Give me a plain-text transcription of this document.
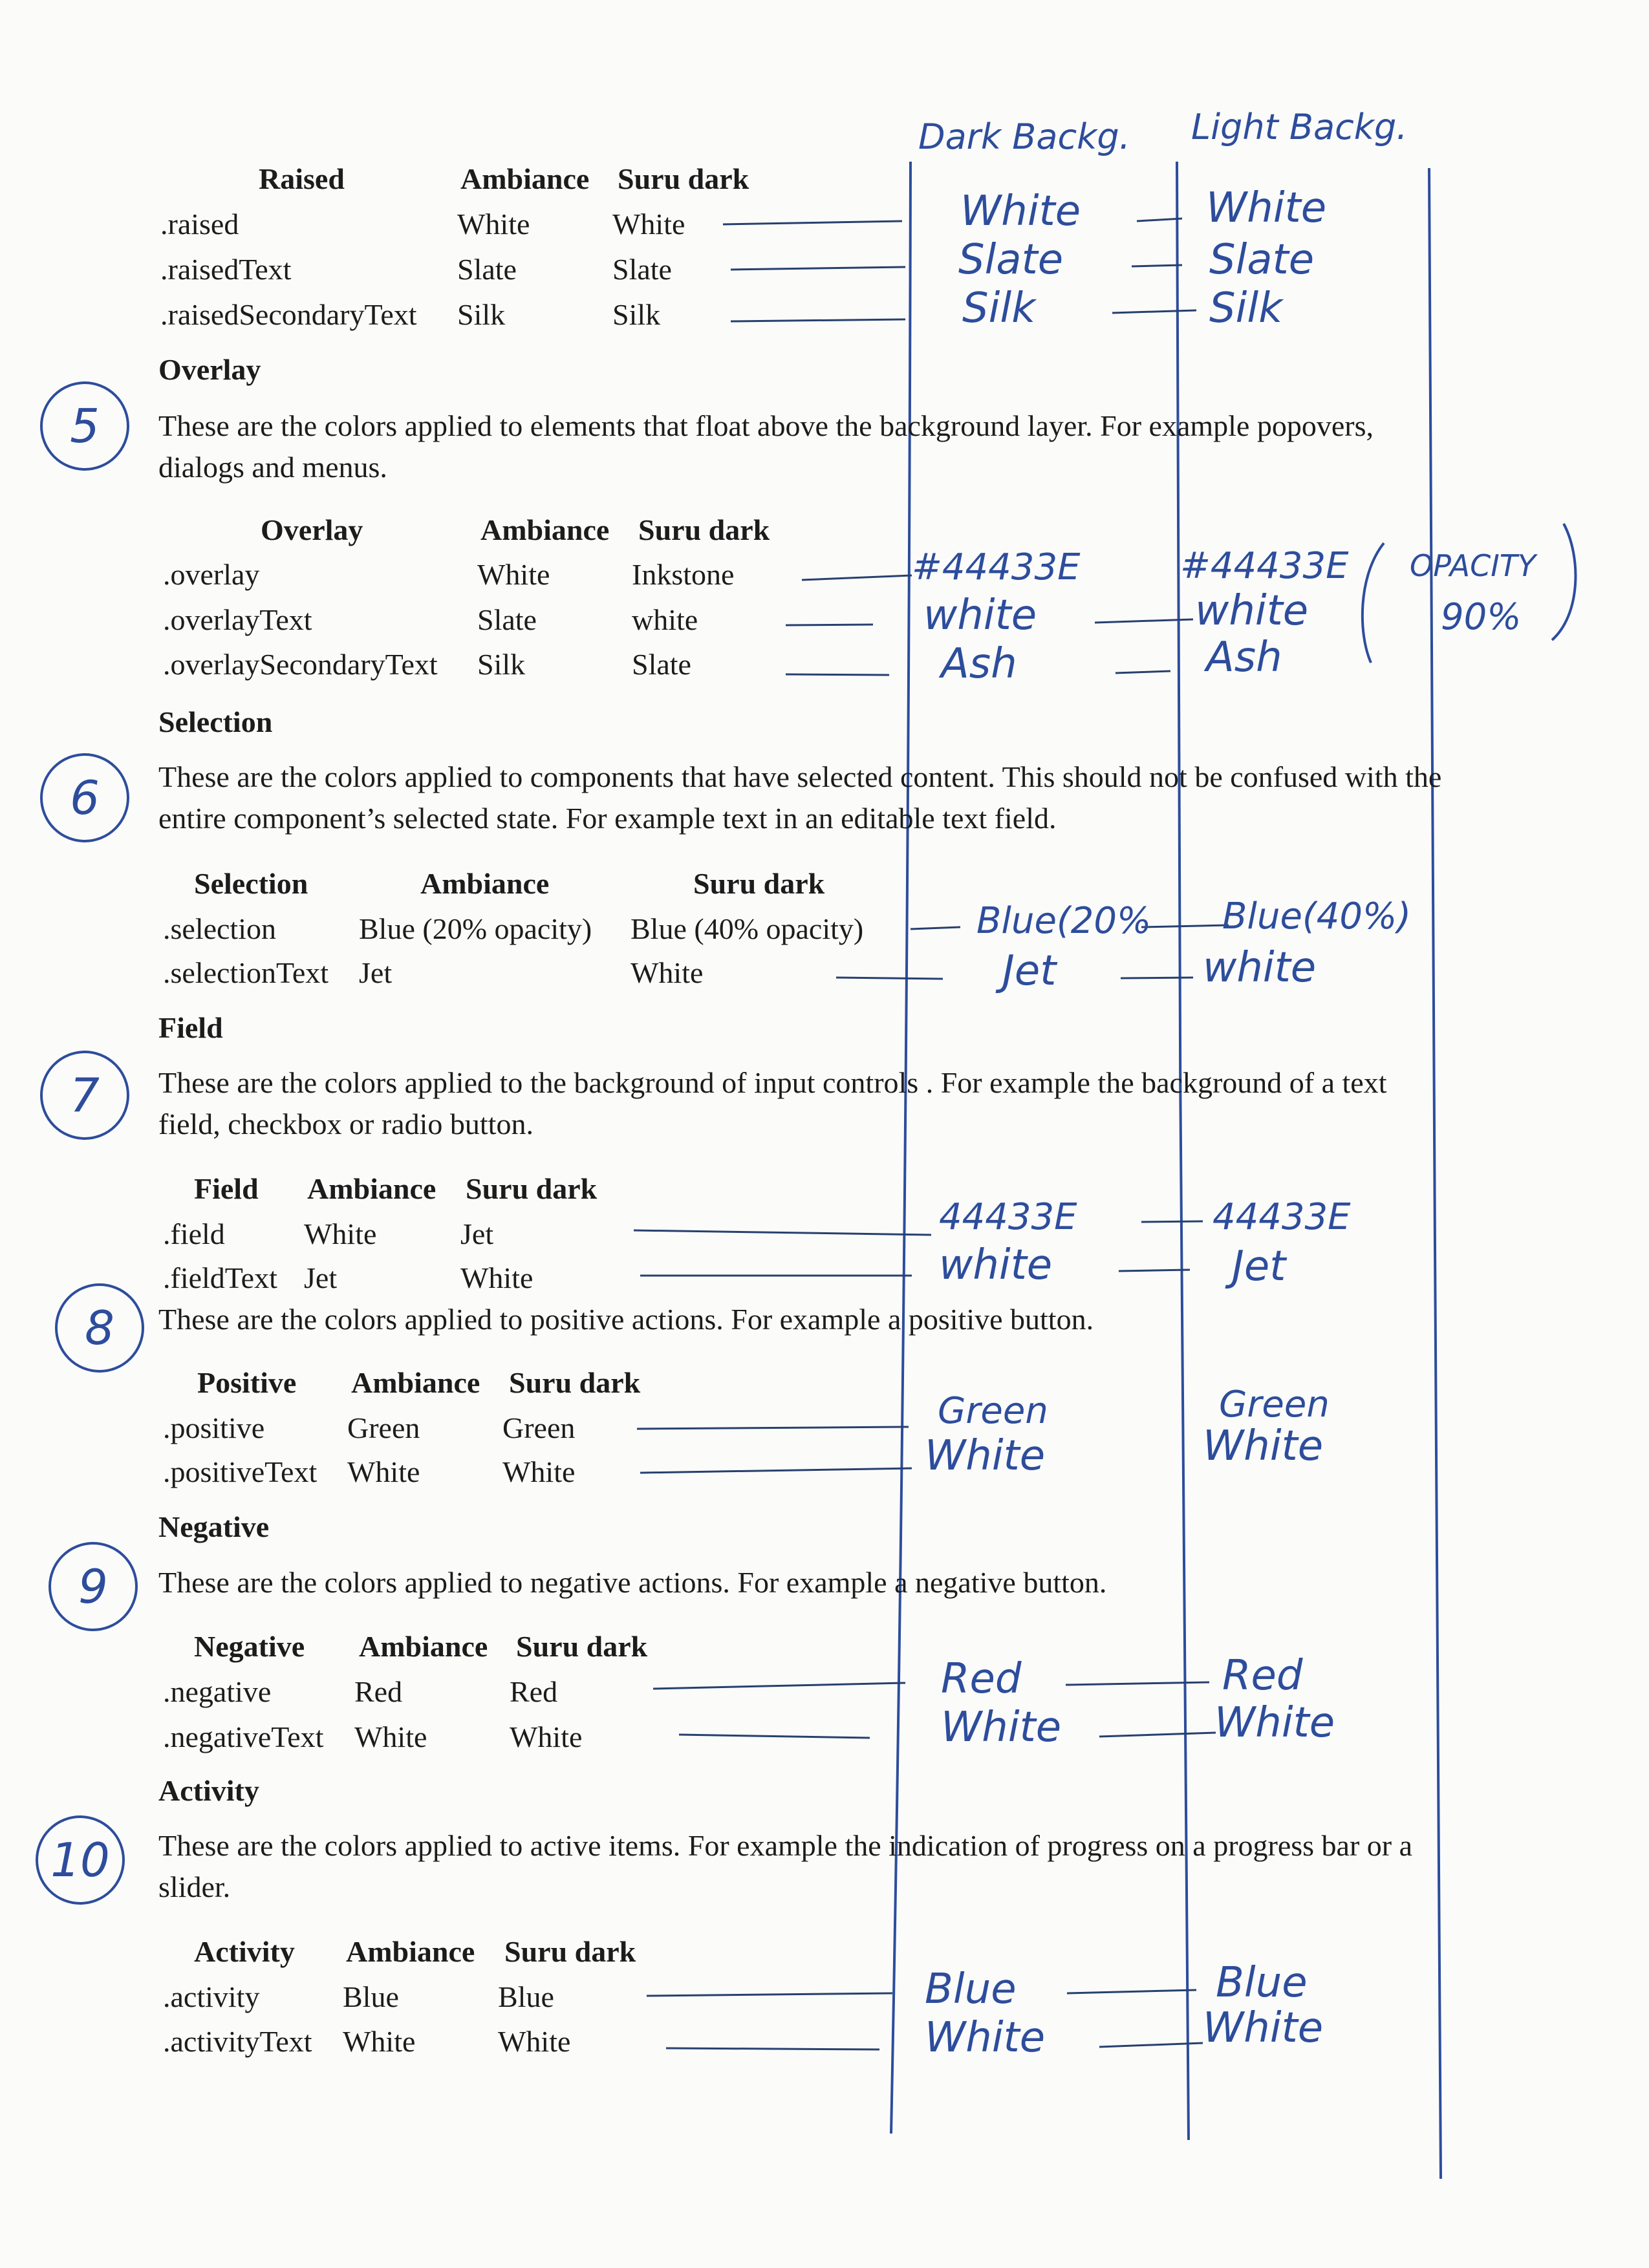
Dark Backg. Light Backg.
Raised	Ambiance Suru dark
.raised	White	White
.raisedText	Slate	Slate
.raisedSecondaryText Silk	Silk
White
Slate
Silk
White
Slate
Silk
Overlay
5	These are the colors applied to elements that float above the background layer. For example popovers, dialogs and menus.
Overlay	Ambiance Suru dark
.overlay	White	Inkstone
.overlayText	Slate	white
.overlaySecondaryText Silk	Slate
#44433E
white
Ash
#44433E
white
Ash
OPACITY
90%
Selection
6	These are the colors applied to components that have selected content. This should not be confused with the entire component’s selected state. For example text in an editable text field.
Selection	Ambiance	Suru dark
.selection	Blue (20% opacity) Blue (40% opacity)
.selectionText Jet	White
Blue(20%
Jet
Blue(40%)
white
Field
7	These are the colors applied to the background of input controls . For example the background of a text field, checkbox or radio button.
Field Ambiance Suru dark
.field	White	Jet
.fieldText Jet	White
44433E
white
44433E
Jet
8	These are the colors applied to positive actions. For example a positive button.
Positive Ambiance Suru dark
.positive	Green	Green
.positiveText White	White
Green
White
Green
White
Negative
9	These are the colors applied to negative actions. For example a negative button.
Negative Ambiance Suru dark
.negative	Red	Red
.negativeText White	White
Red
White
Red
White
Activity
10	These are the colors applied to active items. For example the indication of progress on a progress bar or a slider.
Activity Ambiance Suru dark
.activity	Blue	Blue
.activityText White	White
Blue
White
Blue
White
